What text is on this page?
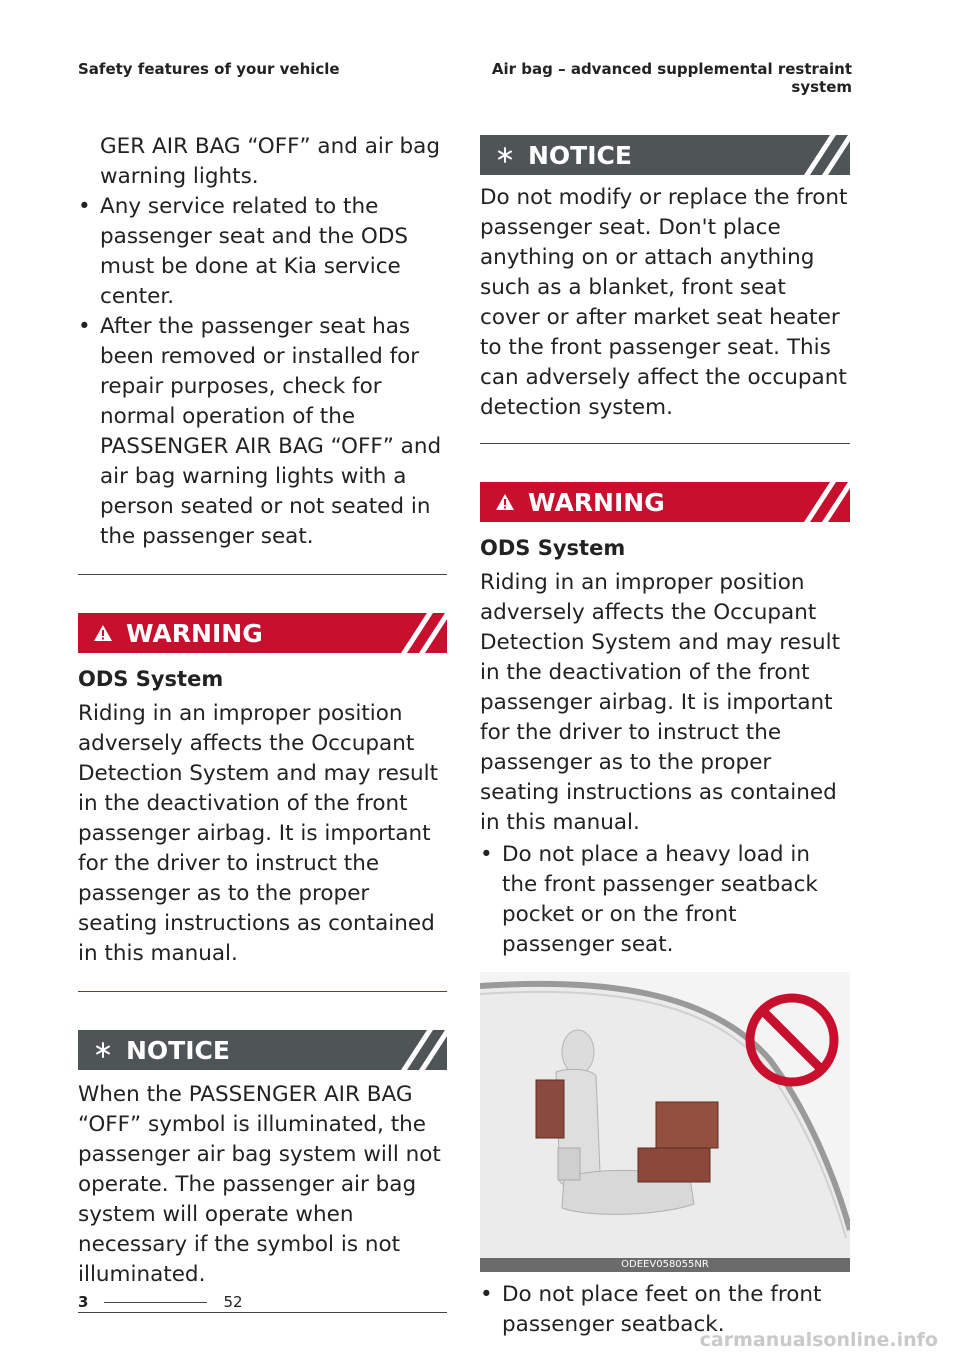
Safety features of your vehicle	Air bag – advanced supplemental restraint system

GER AIR BAG “OFF” and air bag warning lights.

• Any service related to the passenger seat and the ODS must be done at Kia service center.
• After the passenger seat has been removed or installed for repair purposes, check for normal operation of the PASSENGER AIR BAG “OFF” and air bag warning lights with a person seated or not seated in the passenger seat.
WARNING
ODS System

Riding in an improper position adversely affects the Occupant Detection System and may result in the deactivation of the front passenger airbag. It is important for the driver to instruct the passenger as to the proper seating instructions as contained in this manual.

NOTICE

When the PASSENGER AIR BAG “OFF” symbol is illuminated, the passenger air bag system will not operate. The passenger air bag system will operate when necessary if the symbol is not illuminated.

NOTICE

Do not modify or replace the front passenger seat. Don't place anything on or attach anything such as a blanket, front seat cover or after market seat heater to the front passenger seat. This can adversely affect the occupant detection system.

WARNING
ODS System

Riding in an improper position adversely affects the Occupant Detection System and may result in the deactivation of the front passenger airbag. It is important for the driver to instruct the passenger as to the proper seating instructions as contained in this manual.

• Do not place a heavy load in the front passenger seatback pocket or on the front passenger seat.
ODEEV058055NR
• Do not place feet on the front passenger seatback.
3	52
carmanualsonline.info
